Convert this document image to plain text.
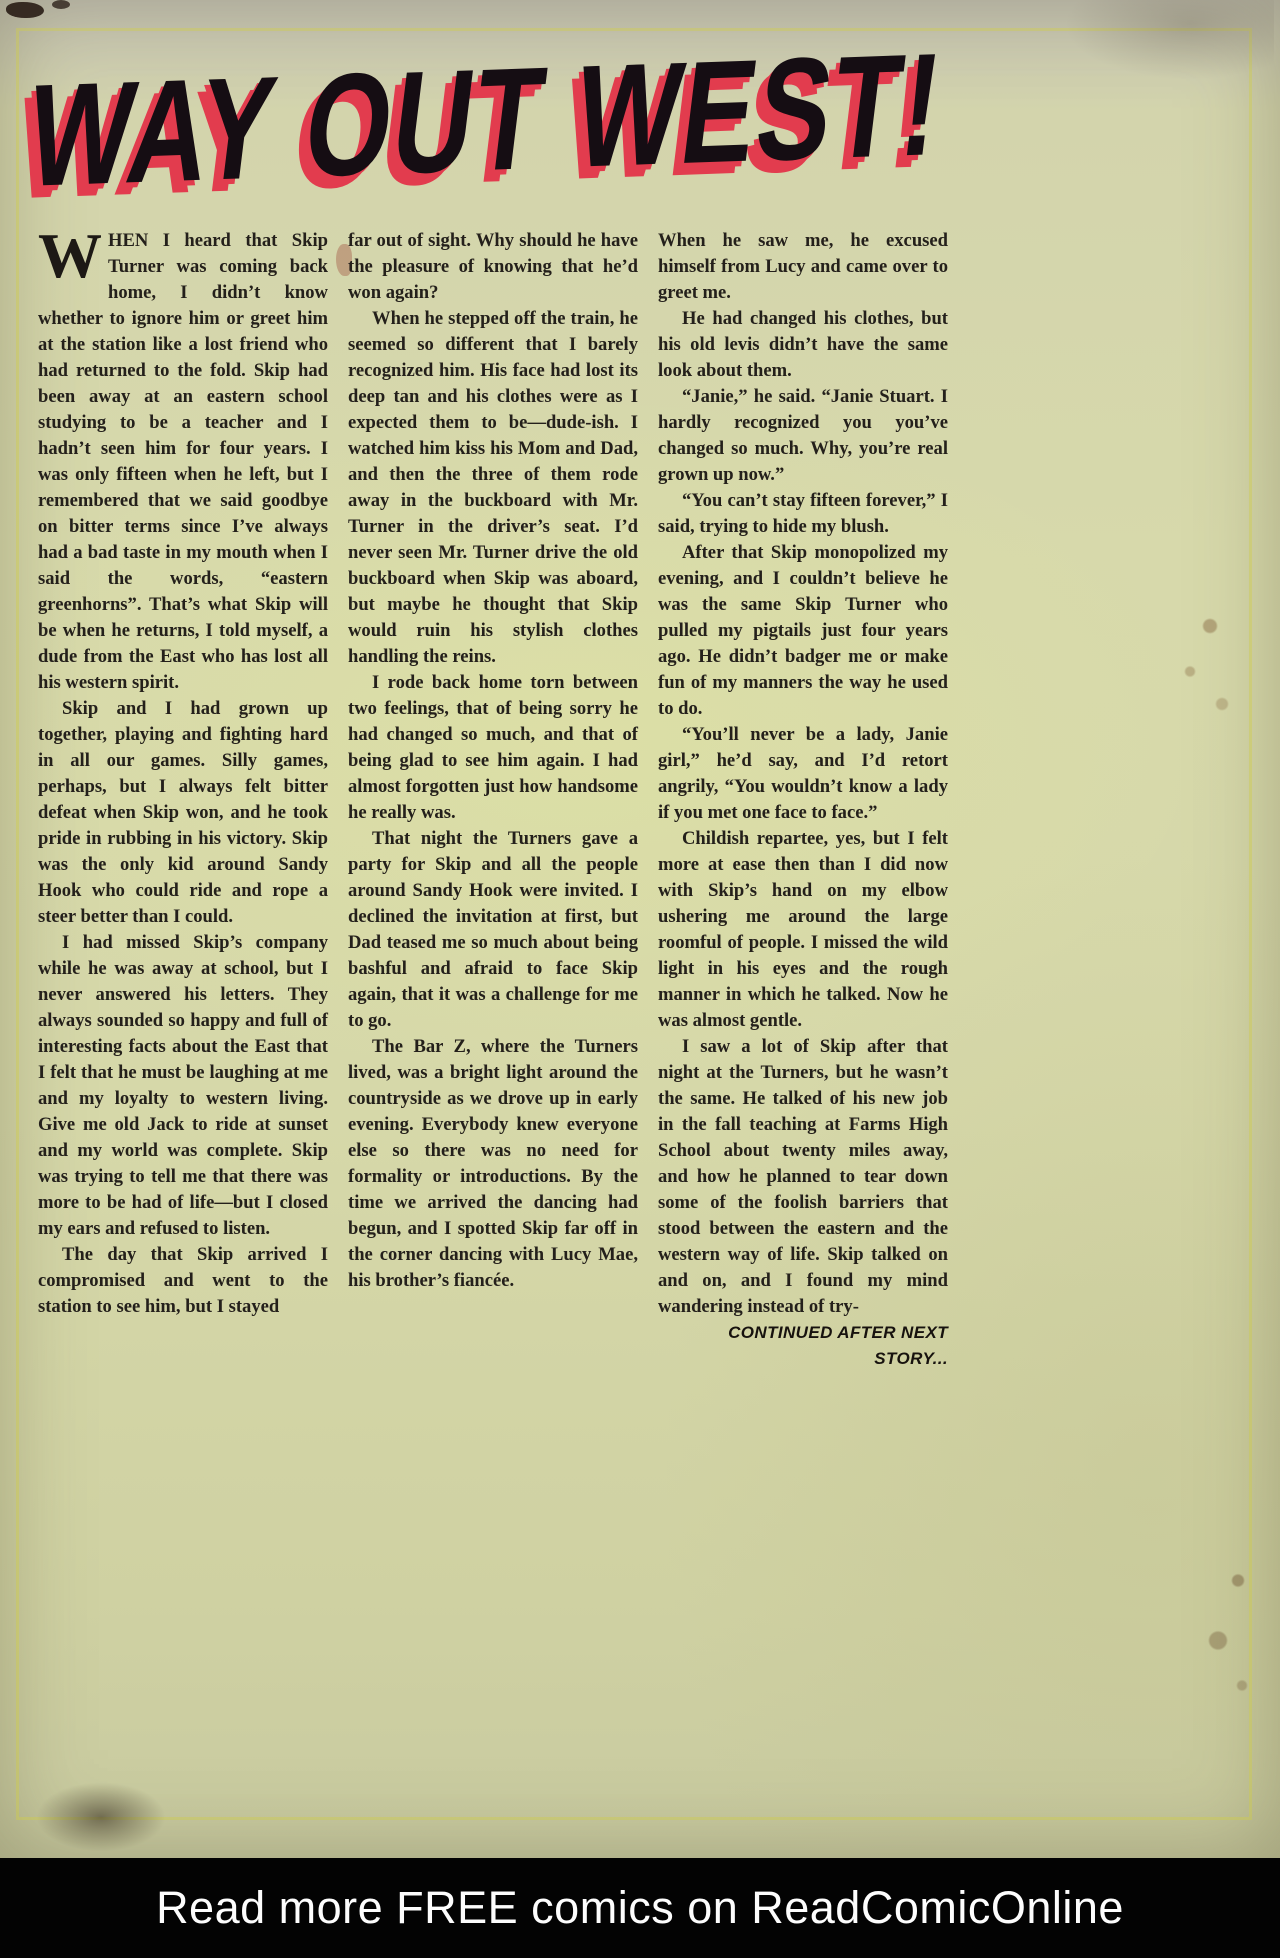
WAY OUT WEST!

WHEN I heard that Skip Turner was coming back home, I didn’t know whether to ignore him or greet him at the station like a lost friend who had returned to the fold. Skip had been away at an eastern school studying to be a teacher and I hadn’t seen him for four years. I was only fifteen when he left, but I remembered that we said goodbye on bitter terms since I’ve always had a bad taste in my mouth when I said the words, “eastern greenhorns”. That’s what Skip will be when he returns, I told myself, a dude from the East who has lost all his western spirit.

Skip and I had grown up together, playing and fighting hard in all our games. Silly games, perhaps, but I always felt bitter defeat when Skip won, and he took pride in rubbing in his victory. Skip was the only kid around Sandy Hook who could ride and rope a steer better than I could.

I had missed Skip’s company while he was away at school, but I never answered his letters. They always sounded so happy and full of interesting facts about the East that I felt that he must be laughing at me and my loyalty to western living. Give me old Jack to ride at sunset and my world was complete. Skip was trying to tell me that there was more to be had of life—but I closed my ears and refused to listen.

The day that Skip arrived I compromised and went to the station to see him, but I stayed

far out of sight. Why should he have the pleasure of knowing that he’d won again?

When he stepped off the train, he seemed so different that I barely recognized him. His face had lost its deep tan and his clothes were as I expected them to be—dude-ish. I watched him kiss his Mom and Dad, and then the three of them rode away in the buckboard with Mr. Turner in the driver’s seat. I’d never seen Mr. Turner drive the old buckboard when Skip was aboard, but maybe he thought that Skip would ruin his stylish clothes handling the reins.

I rode back home torn between two feelings, that of being sorry he had changed so much, and that of being glad to see him again. I had almost forgotten just how handsome he really was.

That night the Turners gave a party for Skip and all the people around Sandy Hook were invited. I declined the invitation at first, but Dad teased me so much about being bashful and afraid to face Skip again, that it was a challenge for me to go.

The Bar Z, where the Turners lived, was a bright light around the countryside as we drove up in early evening. Everybody knew everyone else so there was no need for formality or introductions. By the time we arrived the dancing had begun, and I spotted Skip far off in the corner dancing with Lucy Mae, his brother’s fiancée.

When he saw me, he excused himself from Lucy and came over to greet me.

He had changed his clothes, but his old levis didn’t have the same look about them.

“Janie,” he said. “Janie Stuart. I hardly recognized you you’ve changed so much. Why, you’re real grown up now.”

“You can’t stay fifteen forever,” I said, trying to hide my blush.

After that Skip monopolized my evening, and I couldn’t believe he was the same Skip Turner who pulled my pigtails just four years ago. He didn’t badger me or make fun of my manners the way he used to do.

“You’ll never be a lady, Janie girl,” he’d say, and I’d retort angrily, “You wouldn’t know a lady if you met one face to face.”

Childish repartee, yes, but I felt more at ease then than I did now with Skip’s hand on my elbow ushering me around the large roomful of people. I missed the wild light in his eyes and the rough manner in which he talked. Now he was almost gentle.

I saw a lot of Skip after that night at the Turners, but he wasn’t the same. He talked of his new job in the fall teaching at Farms High School about twenty miles away, and how he planned to tear down some of the foolish barriers that stood between the eastern and the western way of life. Skip talked on and on, and I found my mind wandering instead of try-

CONTINUED AFTER NEXT STORY...

Read more FREE comics on ReadComicOnline
